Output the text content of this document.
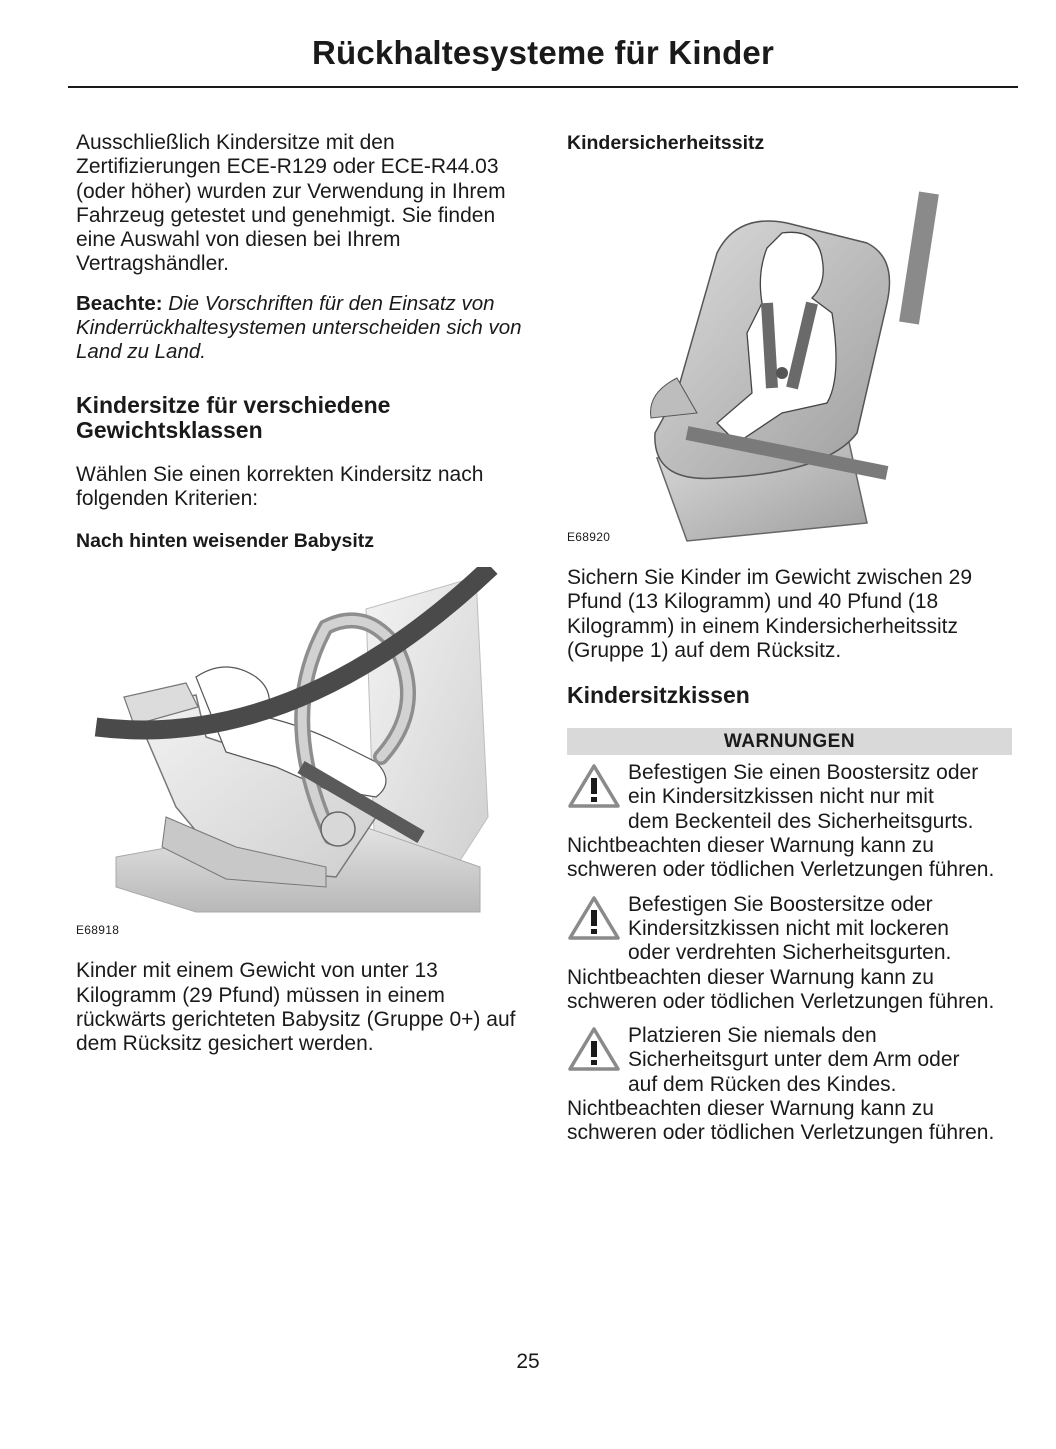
Rückhaltesysteme für Kinder

Ausschließlich Kindersitze mit den Zertifizierungen ECE-R129 oder ECE-R44.03 (oder höher) wurden zur Verwendung in Ihrem Fahrzeug getestet und genehmigt. Sie finden eine Auswahl von diesen bei Ihrem Vertragshändler.

Beachte: Die Vorschriften für den Einsatz von Kinderrückhaltesystemen unterscheiden sich von Land zu Land.

Kindersitze für verschiedene Gewichtsklassen

Wählen Sie einen korrekten Kindersitz nach folgenden Kriterien:

Nach hinten weisender Babysitz
E68918

Kinder mit einem Gewicht von unter 13 Kilogramm (29 Pfund) müssen in einem rückwärts gerichteten Babysitz (Gruppe 0+) auf dem Rücksitz gesichert werden.

Kindersicherheitssitz
E68920

Sichern Sie Kinder im Gewicht zwischen 29 Pfund (13 Kilogramm) und 40 Pfund (18 Kilogramm) in einem Kindersicherheitssitz (Gruppe 1) auf dem Rücksitz.

Kindersitzkissen
WARNUNGEN
Befestigen Sie einen Boostersitz oder
ein Kindersitzkissen nicht nur mit
dem Beckenteil des Sicherheitsgurts.
Nichtbeachten dieser Warnung kann zu schweren oder tödlichen Verletzungen führen.
Befestigen Sie Boostersitze oder
Kindersitzkissen nicht mit lockeren
oder verdrehten Sicherheitsgurten.
Nichtbeachten dieser Warnung kann zu schweren oder tödlichen Verletzungen führen.
Platzieren Sie niemals den
Sicherheitsgurt unter dem Arm oder
auf dem Rücken des Kindes.
Nichtbeachten dieser Warnung kann zu schweren oder tödlichen Verletzungen führen.
25
